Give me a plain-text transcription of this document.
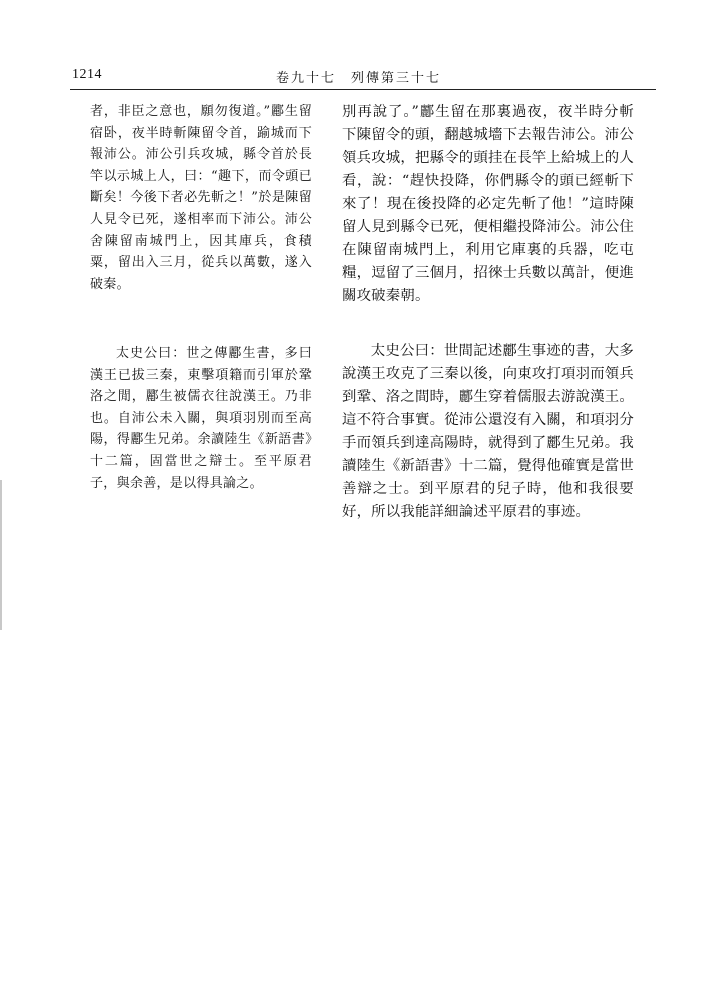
1214	卷九十七　列傳第三十七

者，非臣之意也，願勿復道。”酈生留宿卧，夜半時斬陳留令首，踰城而下報沛公。沛公引兵攻城，縣令首於長竿以示城上人，曰：“趣下，而令頭已斷矣！今後下者必先斬之！”於是陳留人見令已死，遂相率而下沛公。沛公舍陳留南城門上，因其庫兵，食積粟，留出入三月，從兵以萬數，遂入破秦。

太史公曰：世之傳酈生書，多曰漢王已拔三秦，東擊項籍而引軍於鞏洛之閒，酈生被儒衣往說漢王。乃非也。自沛公未入關，與項羽別而至高陽，得酈生兄弟。余讀陸生《新語書》十二篇，固當世之辯士。至平原君子，與余善，是以得具論之。

別再說了。”酈生留在那裏過夜，夜半時分斬下陳留令的頭，翻越城墻下去報告沛公。沛公領兵攻城，把縣令的頭挂在長竿上給城上的人看，說：“趕快投降，你們縣令的頭已經斬下來了！現在後投降的必定先斬了他！”這時陳留人見到縣令已死，便相繼投降沛公。沛公住在陳留南城門上，利用它庫裏的兵器，吃屯糧，逗留了三個月，招徠士兵數以萬計，便進關攻破秦朝。

太史公曰：世間記述酈生事迹的書，大多說漢王攻克了三秦以後，向東攻打項羽而領兵到鞏、洛之間時，酈生穿着儒服去游說漢王。這不符合事實。從沛公還沒有入關，和項羽分手而領兵到達高陽時，就得到了酈生兄弟。我讀陸生《新語書》十二篇，覺得他確實是當世善辯之士。到平原君的兒子時，他和我很要好，所以我能詳細論述平原君的事迹。
